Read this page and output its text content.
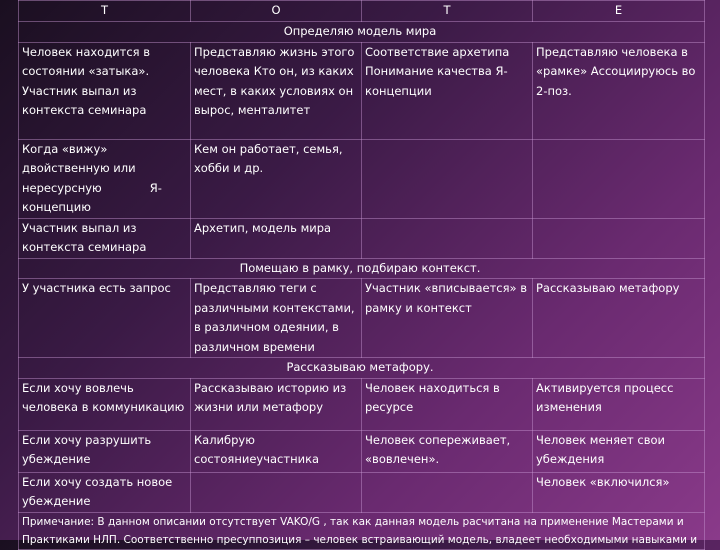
Т	О	Т	Е
Определяю модель мира			
Человек находится в состоянии «затыка». Участник выпал из контекста семинара	Представляю жизнь этого человека Кто он, из каких мест, в каких условиях он вырос, менталитет	Соответствие архетипа Понимание качества Я-концепции	Представляю человека в «рамке» Ассоциируюсь во 2-поз.
Когда «вижу» двойственную или нересурсную Я- концепцию	Кем он работает, семья, хобби и др.		
Участник выпал из контекста семинара	Архетип, модель мира		
Помещаю в рамку, подбираю контекст.			
У участника есть запрос	Представляю теги с различными контекстами, в различном одеянии, в различном времени	Участник «вписывается» в рамку и контекст	Рассказываю метафору
Рассказываю метафору.			
Если хочу вовлечь человека в коммуникацию	Рассказываю историю из жизни или метафору	Человек находиться в ресурсе	Активируется процесс изменения
Если хочу разрушить убеждение	Калибрую состояниеучастника	Человек сопереживает, «вовлечен».	Человек меняет свои убеждения
Если хочу создать новое убеждение			Человек «включился»
Примечание: В данном описании отсутствует VAKO/G , так как данная модель расчитана на применение Мастерами и Практиками НЛП. Соответственно пресуппозиция – человек встраивающий модель, владеет необходимыми навыками и			
